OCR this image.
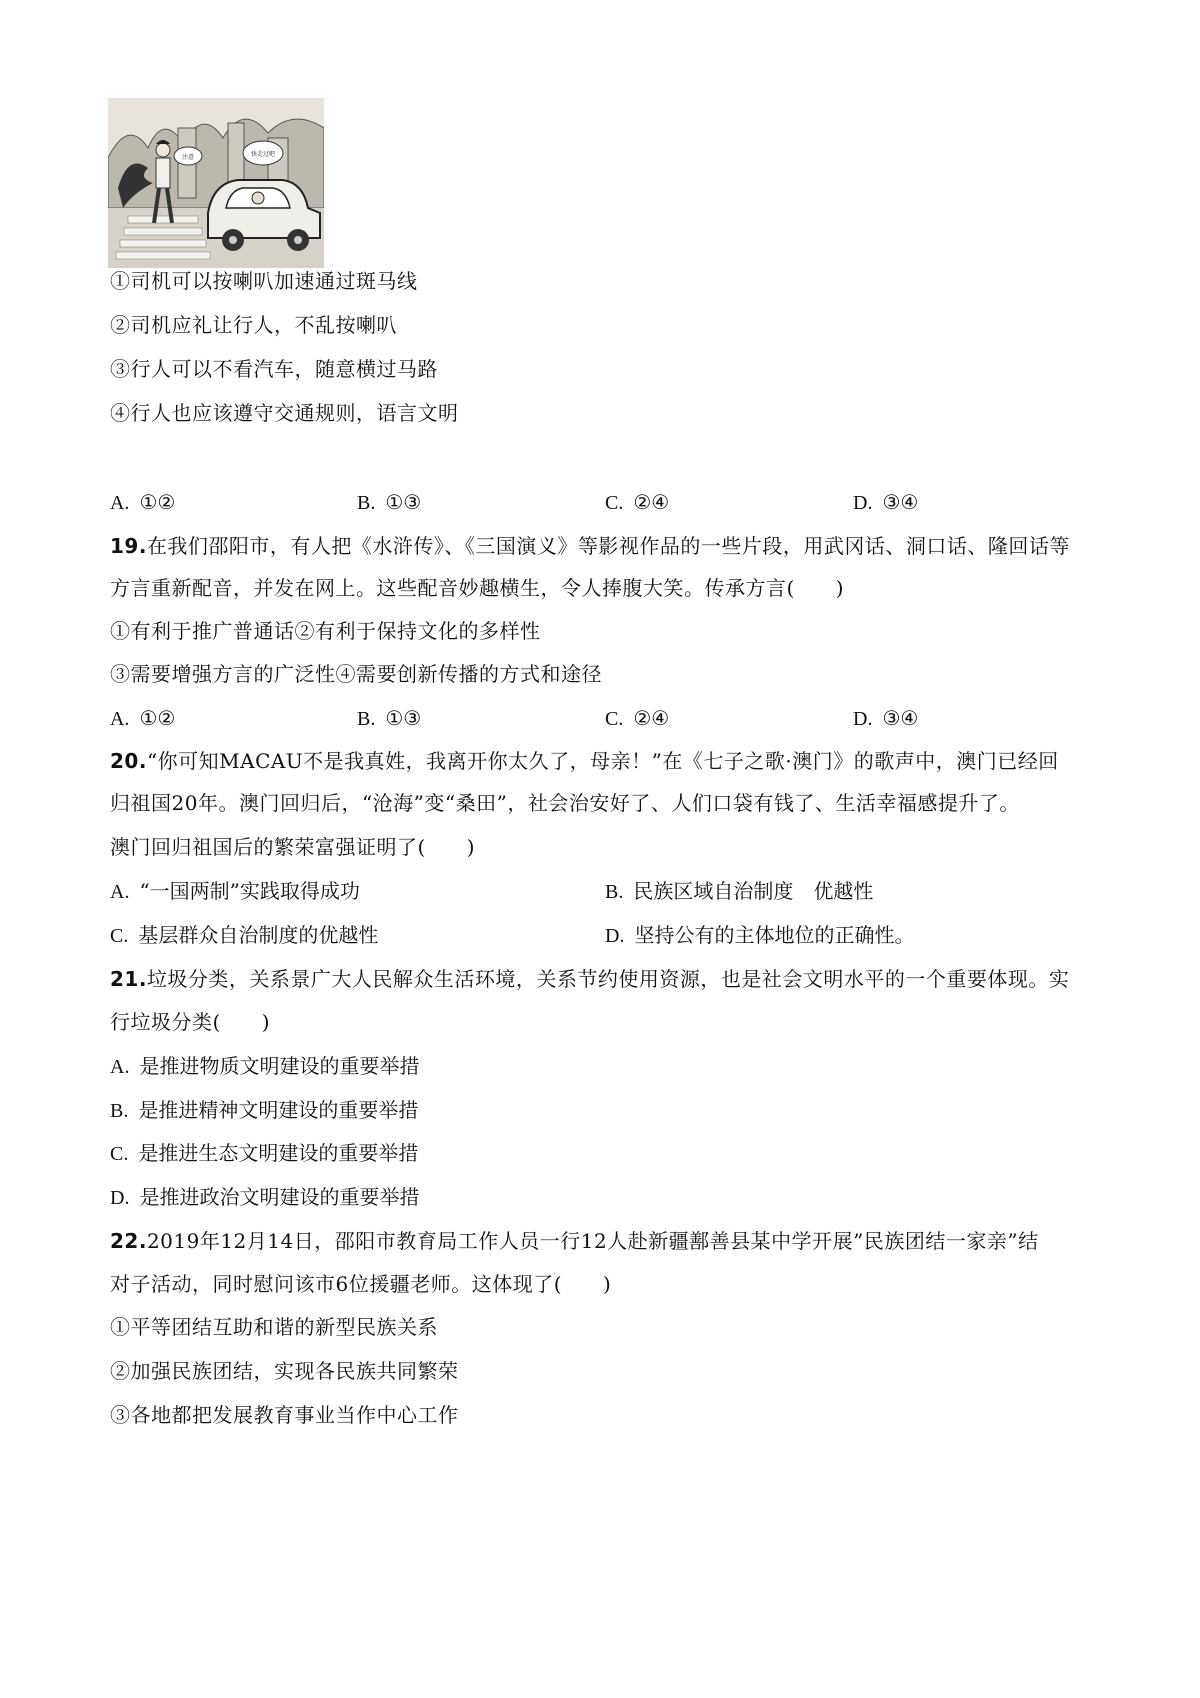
注意	快走过吧
①司机可以按喇叭加速通过斑马线
②司机应礼让行人，不乱按喇叭
③行人可以不看汽车，随意横过马路
④行人也应该遵守交通规则，语言文明
A. ①②	B. ①③	C. ②④	D. ③④
19.在我们邵阳市，有人把《水浒传》、《三国演义》等影视作品的一些片段，用武冈话、洞口话、隆回话等
方言重新配音，并发在网上。这些配音妙趣横生，令人捧腹大笑。传承方言(　　)
①有利于推广普通话②有利于保持文化的多样性
③需要增强方言的广泛性④需要创新传播的方式和途径
A. ①②	B. ①③	C. ②④	D. ③④
20.“你可知MACAU不是我真姓，我离开你太久了，母亲！”在《七子之歌·澳门》的歌声中，澳门已经回
归祖国20年。澳门回归后，“沧海”变“桑田”，社会治安好了、人们口袋有钱了、生活幸福感提升了。
澳门回归祖国后的繁荣富强证明了(　　)
A. “一国两制”实践取得成功	B. 民族区域自治制度　优越性
C. 基层群众自治制度的优越性	D. 坚持公有的主体地位的正确性。
21.垃圾分类，关系景广大人民解众生活环境，关系节约使用资源，也是社会文明水平的一个重要体现。实
行垃圾分类(　　)
A. 是推进物质文明建设的重要举措
B. 是推进精神文明建设的重要举措
C. 是推进生态文明建设的重要举措
D. 是推进政治文明建设的重要举措
22.2019年12月14日，邵阳市教育局工作人员一行12人赴新疆鄯善县某中学开展”民族团结一家亲”结
对子活动，同时慰问该市6位援疆老师。这体现了(　　)
①平等团结互助和谐的新型民族关系
②加强民族团结，实现各民族共同繁荣
③各地都把发展教育事业当作中心工作
